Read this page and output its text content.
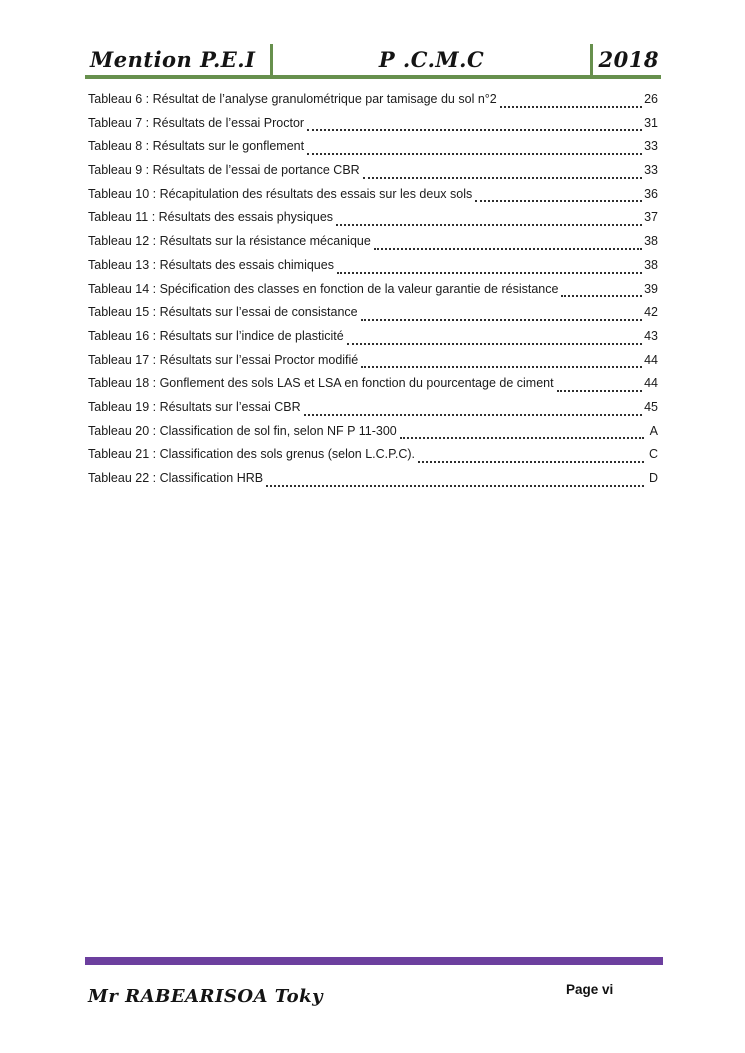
Mention P.E.I	P .C.M.C	2018
Tableau 6 : Résultat de l’analyse granulométrique par tamisage du sol n°2	26
Tableau 7 : Résultats de l’essai Proctor	31
Tableau 8 : Résultats sur le gonflement	33
Tableau 9 : Résultats de l’essai de portance CBR	33
Tableau 10 : Récapitulation des résultats des essais sur les deux sols	36
Tableau 11 : Résultats des essais physiques	37
Tableau 12 : Résultats sur la résistance mécanique	38
Tableau 13 : Résultats des essais chimiques	38
Tableau 14 : Spécification des classes en fonction de la valeur garantie de résistance	39
Tableau 15 : Résultats sur l’essai de consistance	42
Tableau 16 : Résultats sur l’indice de plasticité	43
Tableau 17 : Résultats sur l’essai Proctor modifié	44
Tableau 18 : Gonflement des sols LAS et LSA en fonction du pourcentage de ciment	44
Tableau 19 : Résultats sur l’essai CBR	45
Tableau 20 : Classification de sol fin, selon NF P 11-300	A
Tableau 21 : Classification des sols grenus (selon L.C.P.C).	C
Tableau 22 : Classification HRB	D
Page vi
Mr RABEARISOA Toky
